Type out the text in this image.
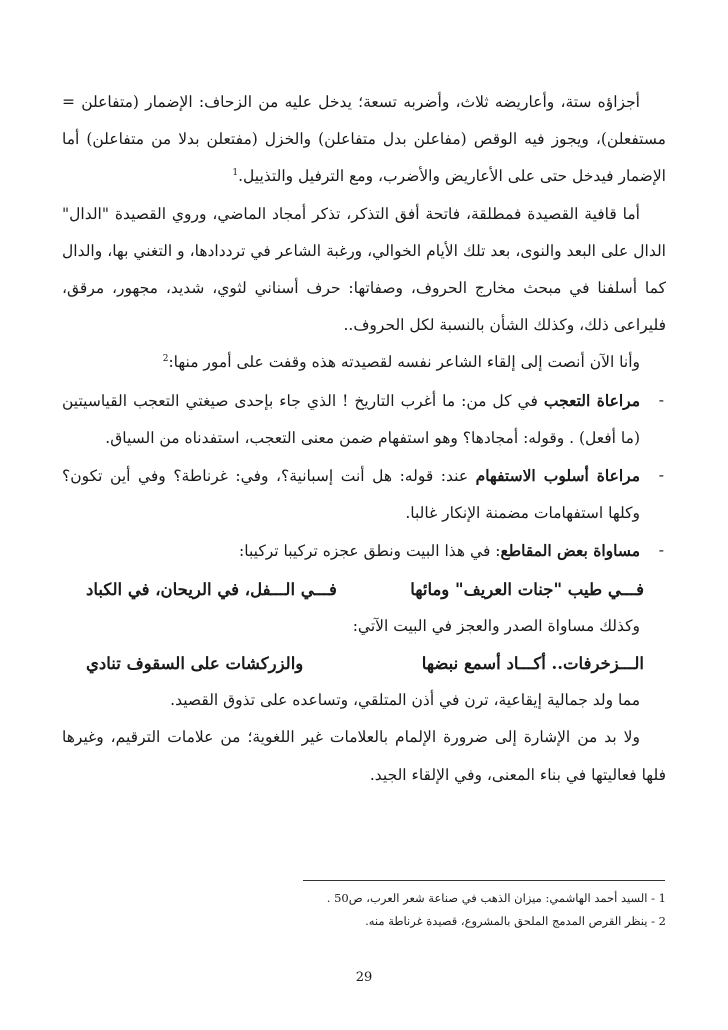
أجزاؤه ستة، وأعاريضه ثلاث، وأضربه تسعة؛ يدخل عليه من الزحاف: الإضمار (متفاعلن = مستفعلن)، ويجوز فيه الوقص (مفاعلن بدل متفاعلن) والخزل (مفتعلن بدلا من متفاعلن) أما الإضمار فيدخل حتى على الأعاريض والأضرب، ومع الترفيل والتذييل.$^1$

أما قافية القصيدة فمطلقة، فاتحة أفق التذكر، تذكر أمجاد الماضي، وروي القصيدة "الدال" الدال على البعد والنوى، بعد تلك الأيام الخوالي، ورغبة الشاعر في ترددادها، و التغني بها، والدال كما أسلفنا في مبحث مخارج الحروف، وصفاتها: حرف أسناني لثوي، شديد، مجهور، مرقق، فليراعى ذلك، وكذلك الشأن بالنسبة لكل الحروف..

وأنا الآن أنصت إلى إلقاء الشاعر نفسه لقصيدته هذه وقفت على أمور منها:$^2$

-
مراعاة التعجب في كل من: ما أغرب التاريخ ! الذي جاء بإحدى صيغتي التعجب القياسيتين (ما أفعل) . وقوله: أمجادها؟ وهو استفهام ضمن معنى التعجب، استفدناه من السياق.

-
مراعاة أسلوب الاستفهام عند: قوله: هل أنت إسبانية؟، وفي: غرناطة؟ وفي أين تكون؟ وكلها استفهامات مضمنة الإنكار غالبا.

-
مساواة بعض المقاطع: في هذا البيت ونطق عجزه تركيبا تركيبا:

فـــي طيب "جنات العريف" ومائها
فـــي الـــفل، في الريحان، في الكباد

وكذلك مساواة الصدر والعجز في البيت الآتي:

الـــزخرفات.. أكـــاد أسمع نبضها
والزركشات على السقوف تنادي

مما ولد جمالية إيقاعية، ترن في أذن المتلقي، وتساعده على تذوق القصيد.

ولا بد من الإشارة إلى ضرورة الإلمام بالعلامات غير اللغوية؛ من علامات الترقيم، وغيرها فلها فعاليتها في بناء المعنى، وفي الإلقاء الجيد.

1 - السيد أحمد الهاشمي: ميزان الذهب في صناعة شعر العرب، ص50 .

2 - ينظر القرص المدمج الملحق بالمشروع، قصيدة غرناطة منه.

29
